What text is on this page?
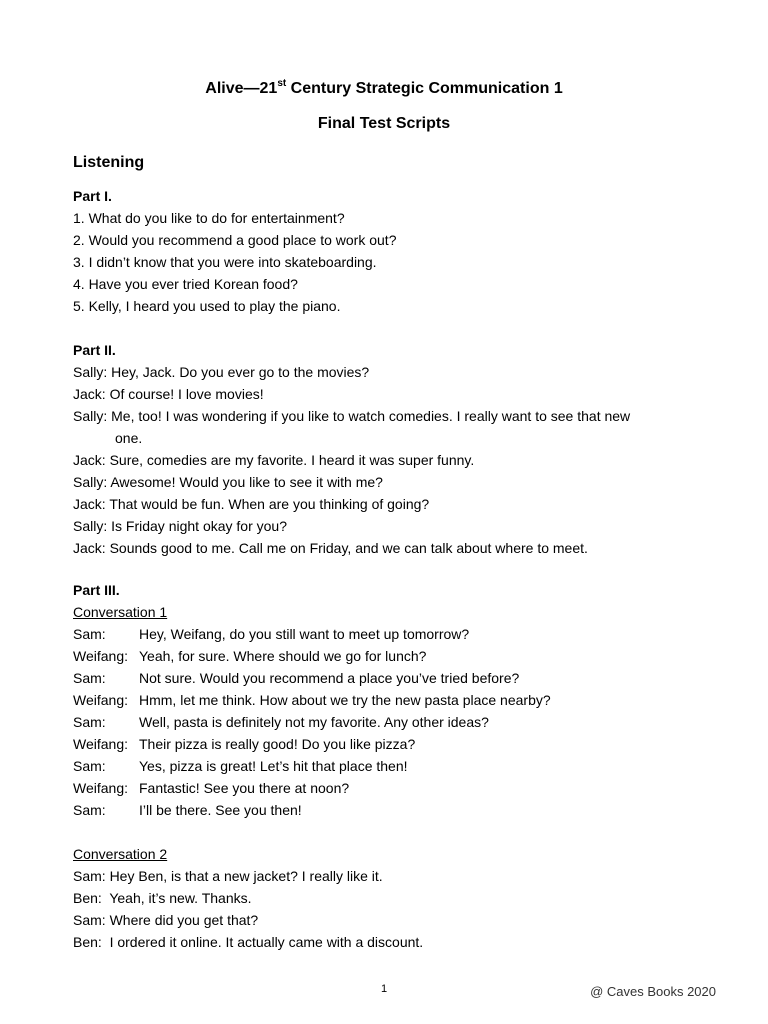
Alive—21st Century Strategic Communication 1
Final Test Scripts
Listening
Part I.
1. What do you like to do for entertainment?
2. Would you recommend a good place to work out?
3. I didn’t know that you were into skateboarding.
4. Have you ever tried Korean food?
5. Kelly, I heard you used to play the piano.
Part II.
Sally: Hey, Jack. Do you ever go to the movies?
Jack: Of course! I love movies!
Sally: Me, too! I was wondering if you like to watch comedies. I really want to see that new
one.
Jack: Sure, comedies are my favorite. I heard it was super funny.
Sally: Awesome! Would you like to see it with me?
Jack: That would be fun. When are you thinking of going?
Sally: Is Friday night okay for you?
Jack: Sounds good to me. Call me on Friday, and we can talk about where to meet.
Part III.
Conversation 1
Sam: Hey, Weifang, do you still want to meet up tomorrow?
Weifang: Yeah, for sure. Where should we go for lunch?
Sam: Not sure. Would you recommend a place you’ve tried before?
Weifang: Hmm, let me think. How about we try the new pasta place nearby?
Sam: Well, pasta is definitely not my favorite. Any other ideas?
Weifang: Their pizza is really good! Do you like pizza?
Sam: Yes, pizza is great! Let’s hit that place then!
Weifang: Fantastic! See you there at noon?
Sam: I’ll be there. See you then!
Conversation 2
Sam: Hey Ben, is that a new jacket? I really like it.
Ben:  Yeah, it’s new. Thanks.
Sam: Where did you get that?
Ben:  I ordered it online. It actually came with a discount.
1	@ Caves Books 2020
